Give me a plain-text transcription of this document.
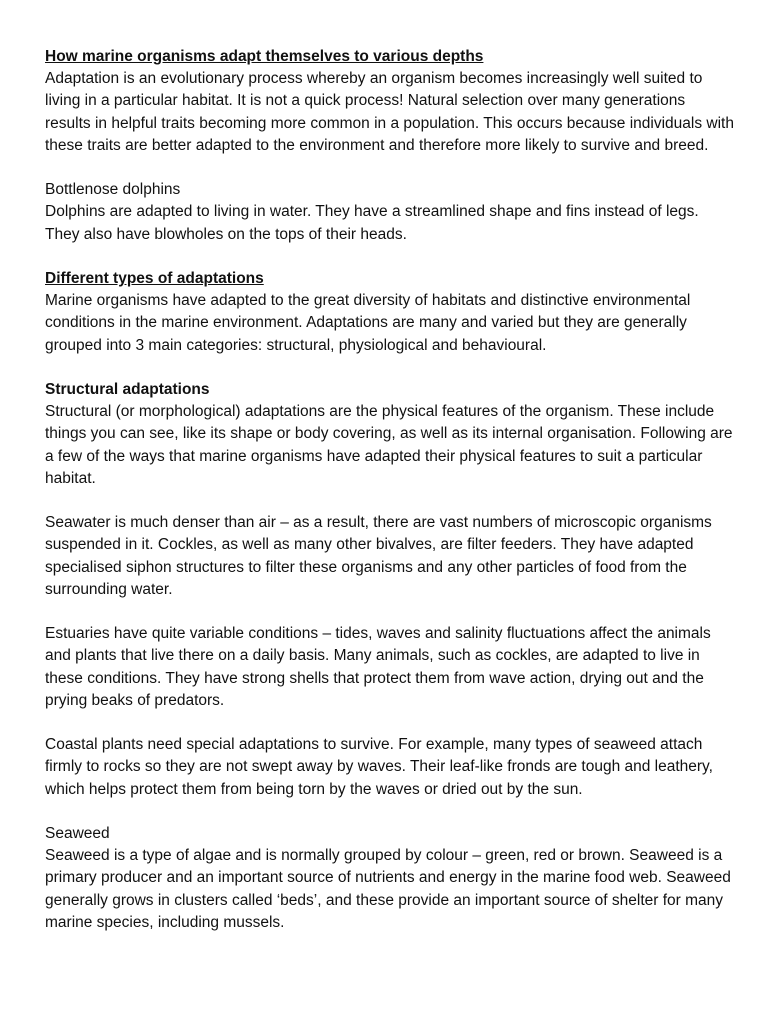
How marine organisms adapt themselves to various depths

Adaptation is an evolutionary process whereby an organism becomes increasingly well suited to living in a particular habitat. It is not a quick process! Natural selection over many generations results in helpful traits becoming more common in a population. This occurs because individuals with these traits are better adapted to the environment and therefore more likely to survive and breed.

Bottlenose dolphins

Dolphins are adapted to living in water. They have a streamlined shape and fins instead of legs. They also have blowholes on the tops of their heads.

Different types of adaptations

Marine organisms have adapted to the great diversity of habitats and distinctive environmental conditions in the marine environment. Adaptations are many and varied but they are generally grouped into 3 main categories: structural, physiological and behavioural.

Structural adaptations

Structural (or morphological) adaptations are the physical features of the organism. These include things you can see, like its shape or body covering, as well as its internal organisation. Following are a few of the ways that marine organisms have adapted their physical features to suit a particular habitat.

Seawater is much denser than air – as a result, there are vast numbers of microscopic organisms suspended in it. Cockles, as well as many other bivalves, are filter feeders. They have adapted specialised siphon structures to filter these organisms and any other particles of food from the surrounding water.

Estuaries have quite variable conditions – tides, waves and salinity fluctuations affect the animals and plants that live there on a daily basis. Many animals, such as cockles, are adapted to live in these conditions. They have strong shells that protect them from wave action, drying out and the prying beaks of predators.

Coastal plants need special adaptations to survive. For example, many types of seaweed attach firmly to rocks so they are not swept away by waves. Their leaf-like fronds are tough and leathery, which helps protect them from being torn by the waves or dried out by the sun.

Seaweed

Seaweed is a type of algae and is normally grouped by colour – green, red or brown. Seaweed is a primary producer and an important source of nutrients and energy in the marine food web. Seaweed generally grows in clusters called ‘beds’, and these provide an important source of shelter for many marine species, including mussels.
